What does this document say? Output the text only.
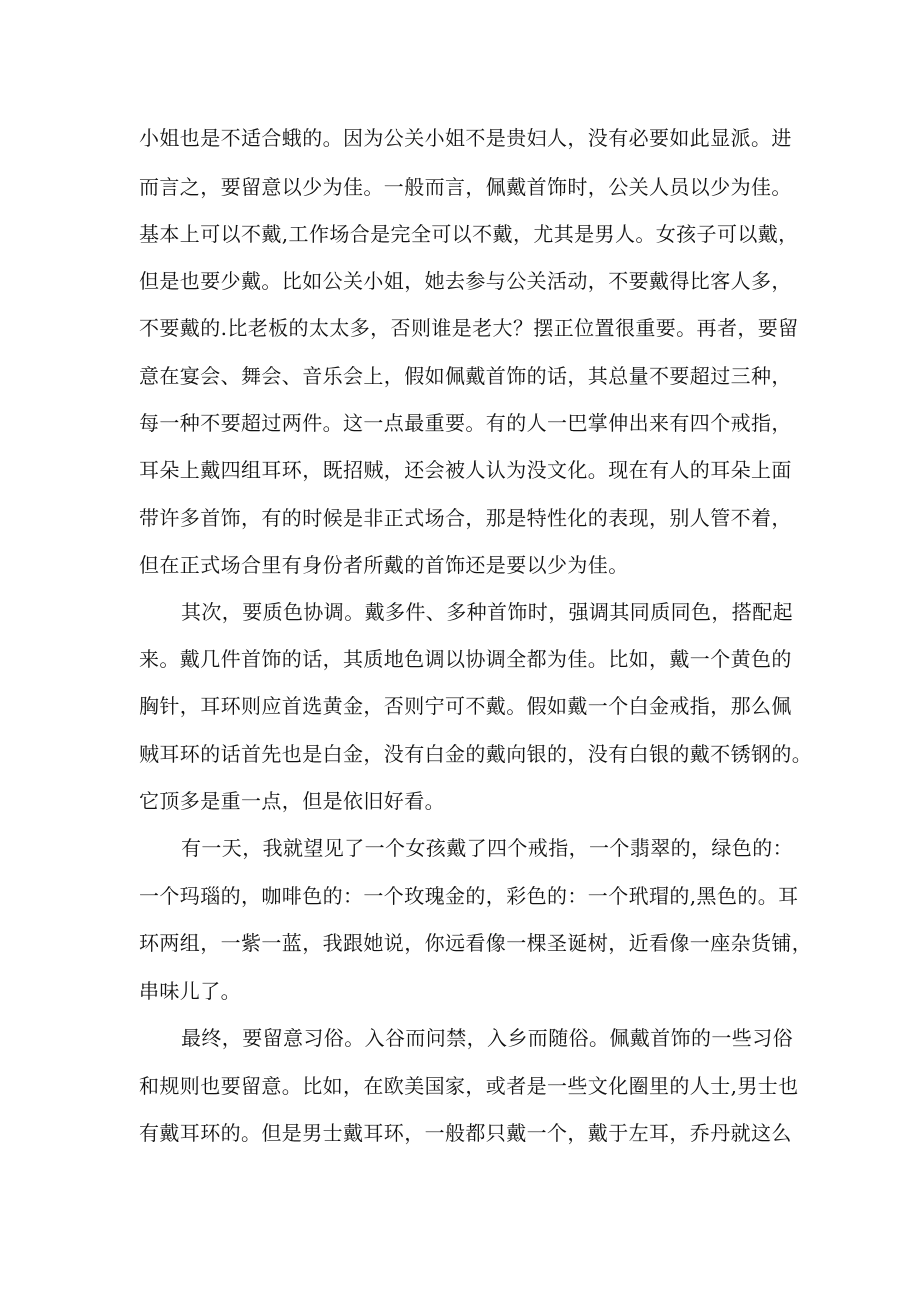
小姐也是不适合蛾的。因为公关小姐不是贵妇人，没有必要如此显派。进
而言之，要留意以少为佳。一般而言，佩戴首饰时，公关人员以少为佳。
基本上可以不戴,工作场合是完全可以不戴，尤其是男人。女孩子可以戴，
但是也要少戴。比如公关小姐，她去参与公关活动，不要戴得比客人多，
不要戴的.比老板的太太多，否则谁是老大？摆正位置很重要。再者，要留
意在宴会、舞会、音乐会上，假如佩戴首饰的话，其总量不要超过三种，
每一种不要超过两件。这一点最重要。有的人一巴掌伸出来有四个戒指，
耳朵上戴四组耳环，既招贼，还会被人认为没文化。现在有人的耳朵上面
带许多首饰，有的时候是非正式场合，那是特性化的表现，别人管不着，
但在正式场合里有身份者所戴的首饰还是要以少为佳。
其次，要质色协调。戴多件、多种首饰时，强调其同质同色，搭配起
来。戴几件首饰的话，其质地色调以协调全都为佳。比如，戴一个黄色的
胸针，耳环则应首选黄金，否则宁可不戴。假如戴一个白金戒指，那么佩
贼耳环的话首先也是白金，没有白金的戴向银的，没有白银的戴不锈钢的。
它顶多是重一点，但是依旧好看。
有一天，我就望见了一个女孩戴了四个戒指，一个翡翠的，绿色的：
一个玛瑙的，咖啡色的：一个玫瑰金的，彩色的：一个玳瑁的,黑色的。耳
环两组，一紫一蓝，我跟她说，你远看像一棵圣诞树，近看像一座杂货铺，
串味儿了。
最终，要留意习俗。入谷而问禁，入乡而随俗。佩戴首饰的一些习俗
和规则也要留意。比如，在欧美国家，或者是一些文化圈里的人士,男士也
有戴耳环的。但是男士戴耳环，一般都只戴一个，戴于左耳，乔丹就这么
